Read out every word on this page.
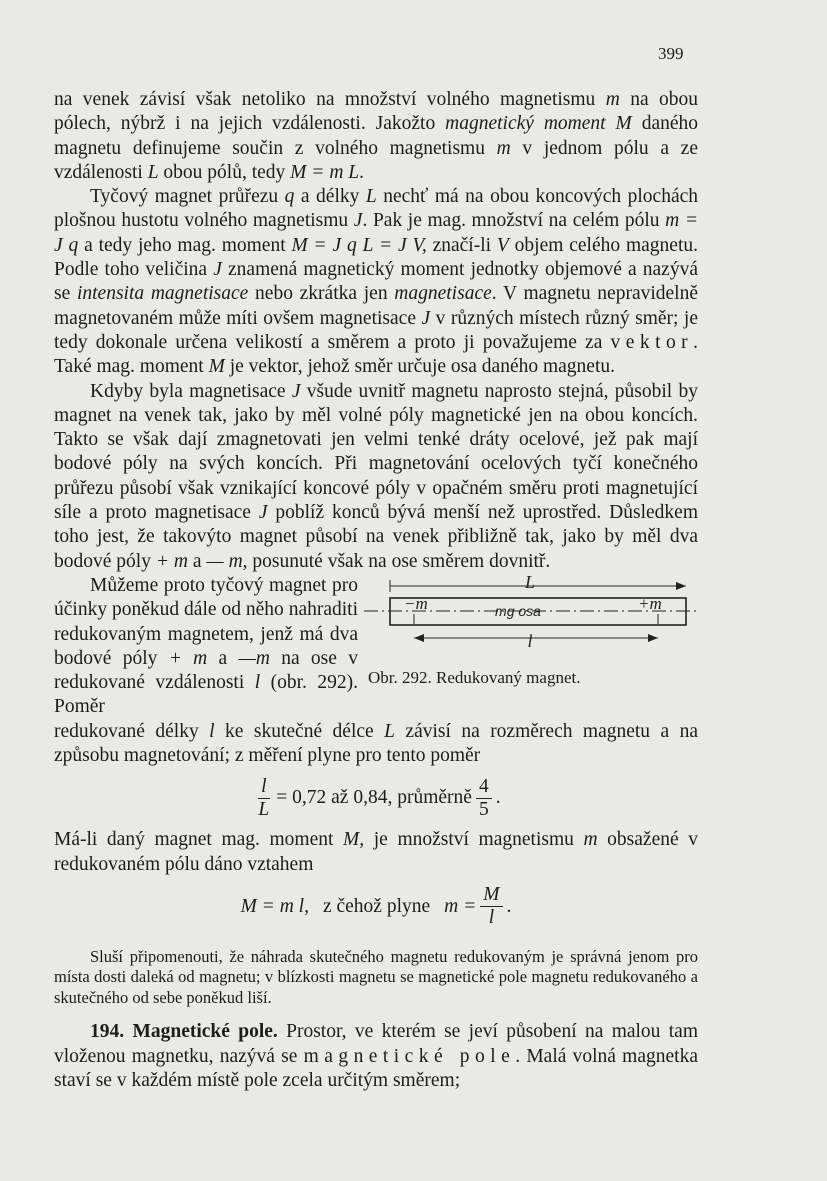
399

na venek závisí však netoliko na množství volného magnetismu m na obou pólech, nýbrž i na jejich vzdálenosti. Jakožto magnetický moment M daného magnetu definujeme součin z volného magnetismu m v jednom pólu a ze vzdálenosti L obou pólů, tedy M = m L.

Tyčový magnet průřezu q a délky L nechť má na obou koncových plochách plošnou hustotu volného magnetismu J. Pak je mag. množství na celém pólu m = J q a tedy jeho mag. moment M = J q L = J V, značí-li V objem celého magnetu. Podle toho veličina J znamená magnetický moment jednotky objemové a nazývá se intensita magnetisace nebo zkrátka jen magnetisace. V magnetu nepravidelně magnetovaném může míti ovšem magnetisace J v různých místech různý směr; je tedy dokonale určena velikostí a směrem a proto ji považujeme za vektor. Také mag. moment M je vektor, jehož směr určuje osa daného magnetu.

Kdyby byla magnetisace J všude uvnitř magnetu naprosto stejná, působil by magnet na venek tak, jako by měl volné póly magnetické jen na obou koncích. Takto se však dají zmagnetovati jen velmi tenké dráty ocelové, jež pak mají bodové póly na svých koncích. Při magnetování ocelových tyčí konečného průřezu působí však vznikající koncové póly v opačném směru proti magnetující síle a proto magnetisace J poblíž konců bývá menší než uprostřed. Důsledkem toho jest, že takovýto magnet působí na venek přibližně tak, jako by měl dva bodové póly + m a — m, posunuté však na ose směrem dovnitř.

Můžeme proto tyčový magnet pro účinky poněkud dále od něho nahraditi redukovaným magnetem, jenž má dva bodové póly + m a —m na ose v redukované vzdálenosti l (obr. 292). Poměr

L
−m	mg osa	+m
l
Obr. 292. Redukovaný magnet.

redukované délky l ke skutečné délce L závisí na rozměrech magnetu a na způsobu magnetování; z měření plyne pro tento poměr

$\frac{l}{L} = 0,72$ až 0,84, průměrně $\frac{4}{5}$ .

Má-li daný magnet mag. moment M, je množství magnetismu m obsažené v redukovaném pólu dáno vztahem

M = m l, z čehož plyne $m = \frac{M}{l}$ .

Sluší připomenouti, že náhrada skutečného magnetu redukovaným je správná jenom pro místa dosti daleká od magnetu; v blízkosti magnetu se magnetické pole magnetu redukovaného a skutečného od sebe poněkud liší.

194. Magnetické pole. Prostor, ve kterém se jeví působení na malou tam vloženou magnetku, nazývá se magnetické pole. Malá volná magnetka staví se v každém místě pole zcela určitým směrem;
